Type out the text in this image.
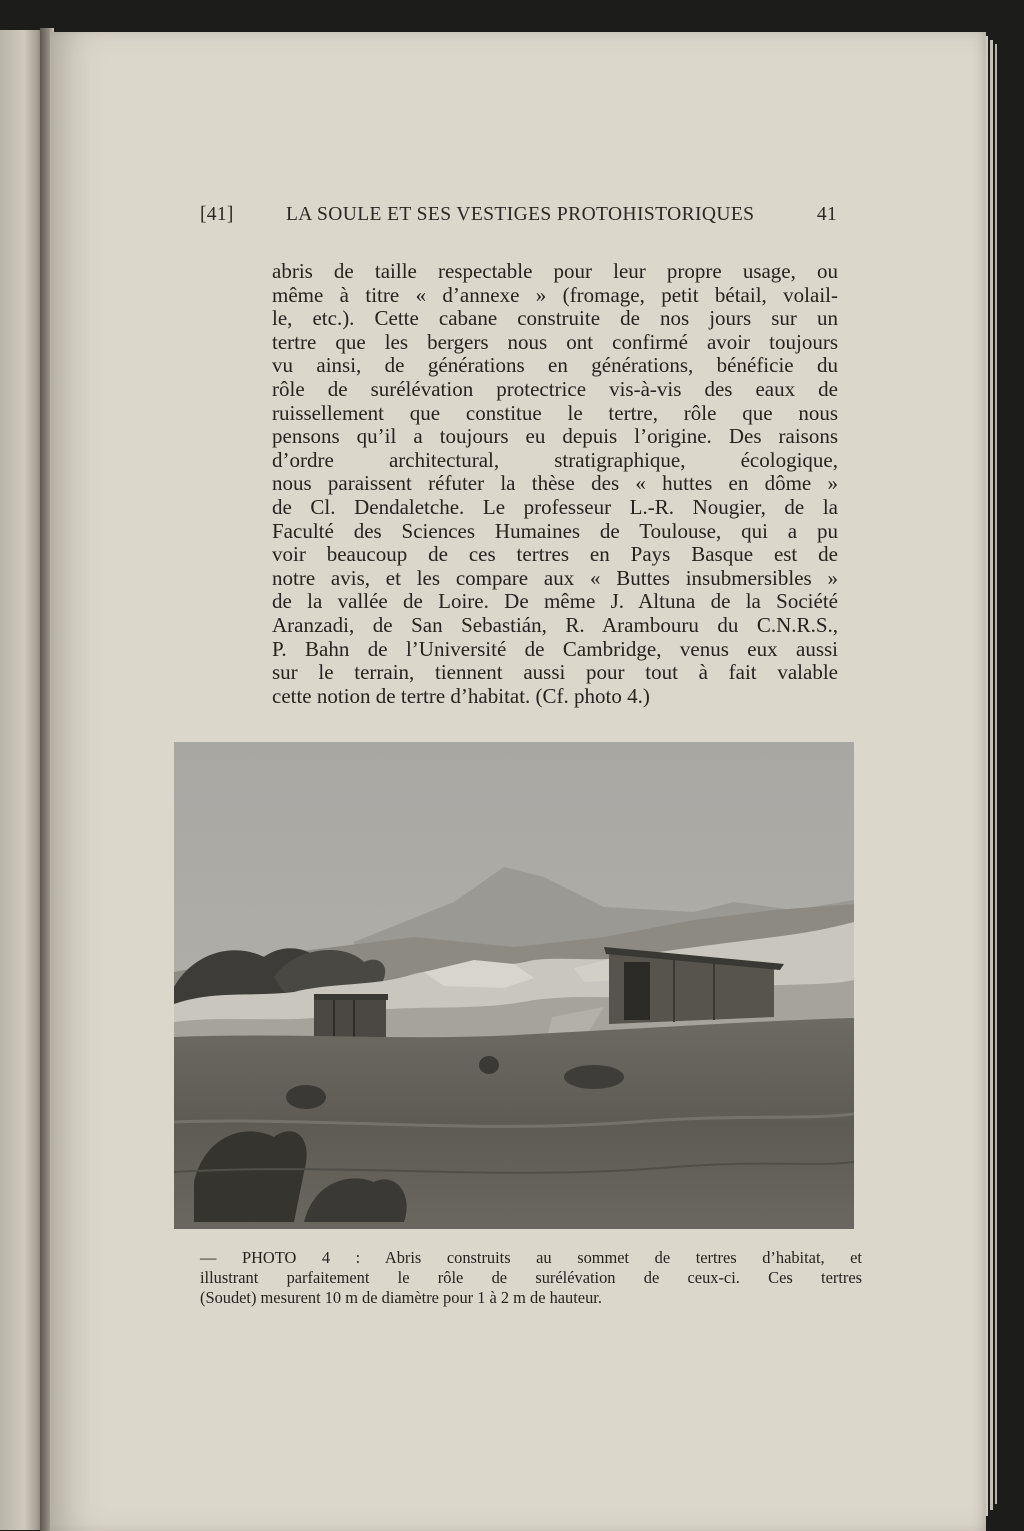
[41]	LA SOULE ET SES VESTIGES PROTOHISTORIQUES	41
abris de taille respectable pour leur propre usage, ou
même à titre « d’annexe » (fromage, petit bétail, volail-
le, etc.). Cette cabane construite de nos jours sur un
tertre que les bergers nous ont confirmé avoir toujours
vu ainsi, de générations en générations, bénéficie du
rôle de surélévation protectrice vis-à-vis des eaux de
ruissellement que constitue le tertre, rôle que nous
pensons qu’il a toujours eu depuis l’origine. Des raisons
d’ordre architectural, stratigraphique, écologique,
nous paraissent réfuter la thèse des « huttes en dôme »
de Cl. Dendaletche. Le professeur L.-R. Nougier, de la
Faculté des Sciences Humaines de Toulouse, qui a pu
voir beaucoup de ces tertres en Pays Basque est de
notre avis, et les compare aux « Buttes insubmersibles »
de la vallée de Loire. De même J. Altuna de la Société
Aranzadi, de San Sebastián, R. Arambouru du C.N.R.S.,
P. Bahn de l’Université de Cambridge, venus eux aussi
sur le terrain, tiennent aussi pour tout à fait valable
cette notion de tertre d’habitat. (Cf. photo 4.)
— PHOTO 4 : Abris construits au sommet de tertres d’habitat, et
illustrant parfaitement le rôle de surélévation de ceux-ci. Ces tertres
(Soudet) mesurent 10 m de diamètre pour 1 à 2 m de hauteur.
